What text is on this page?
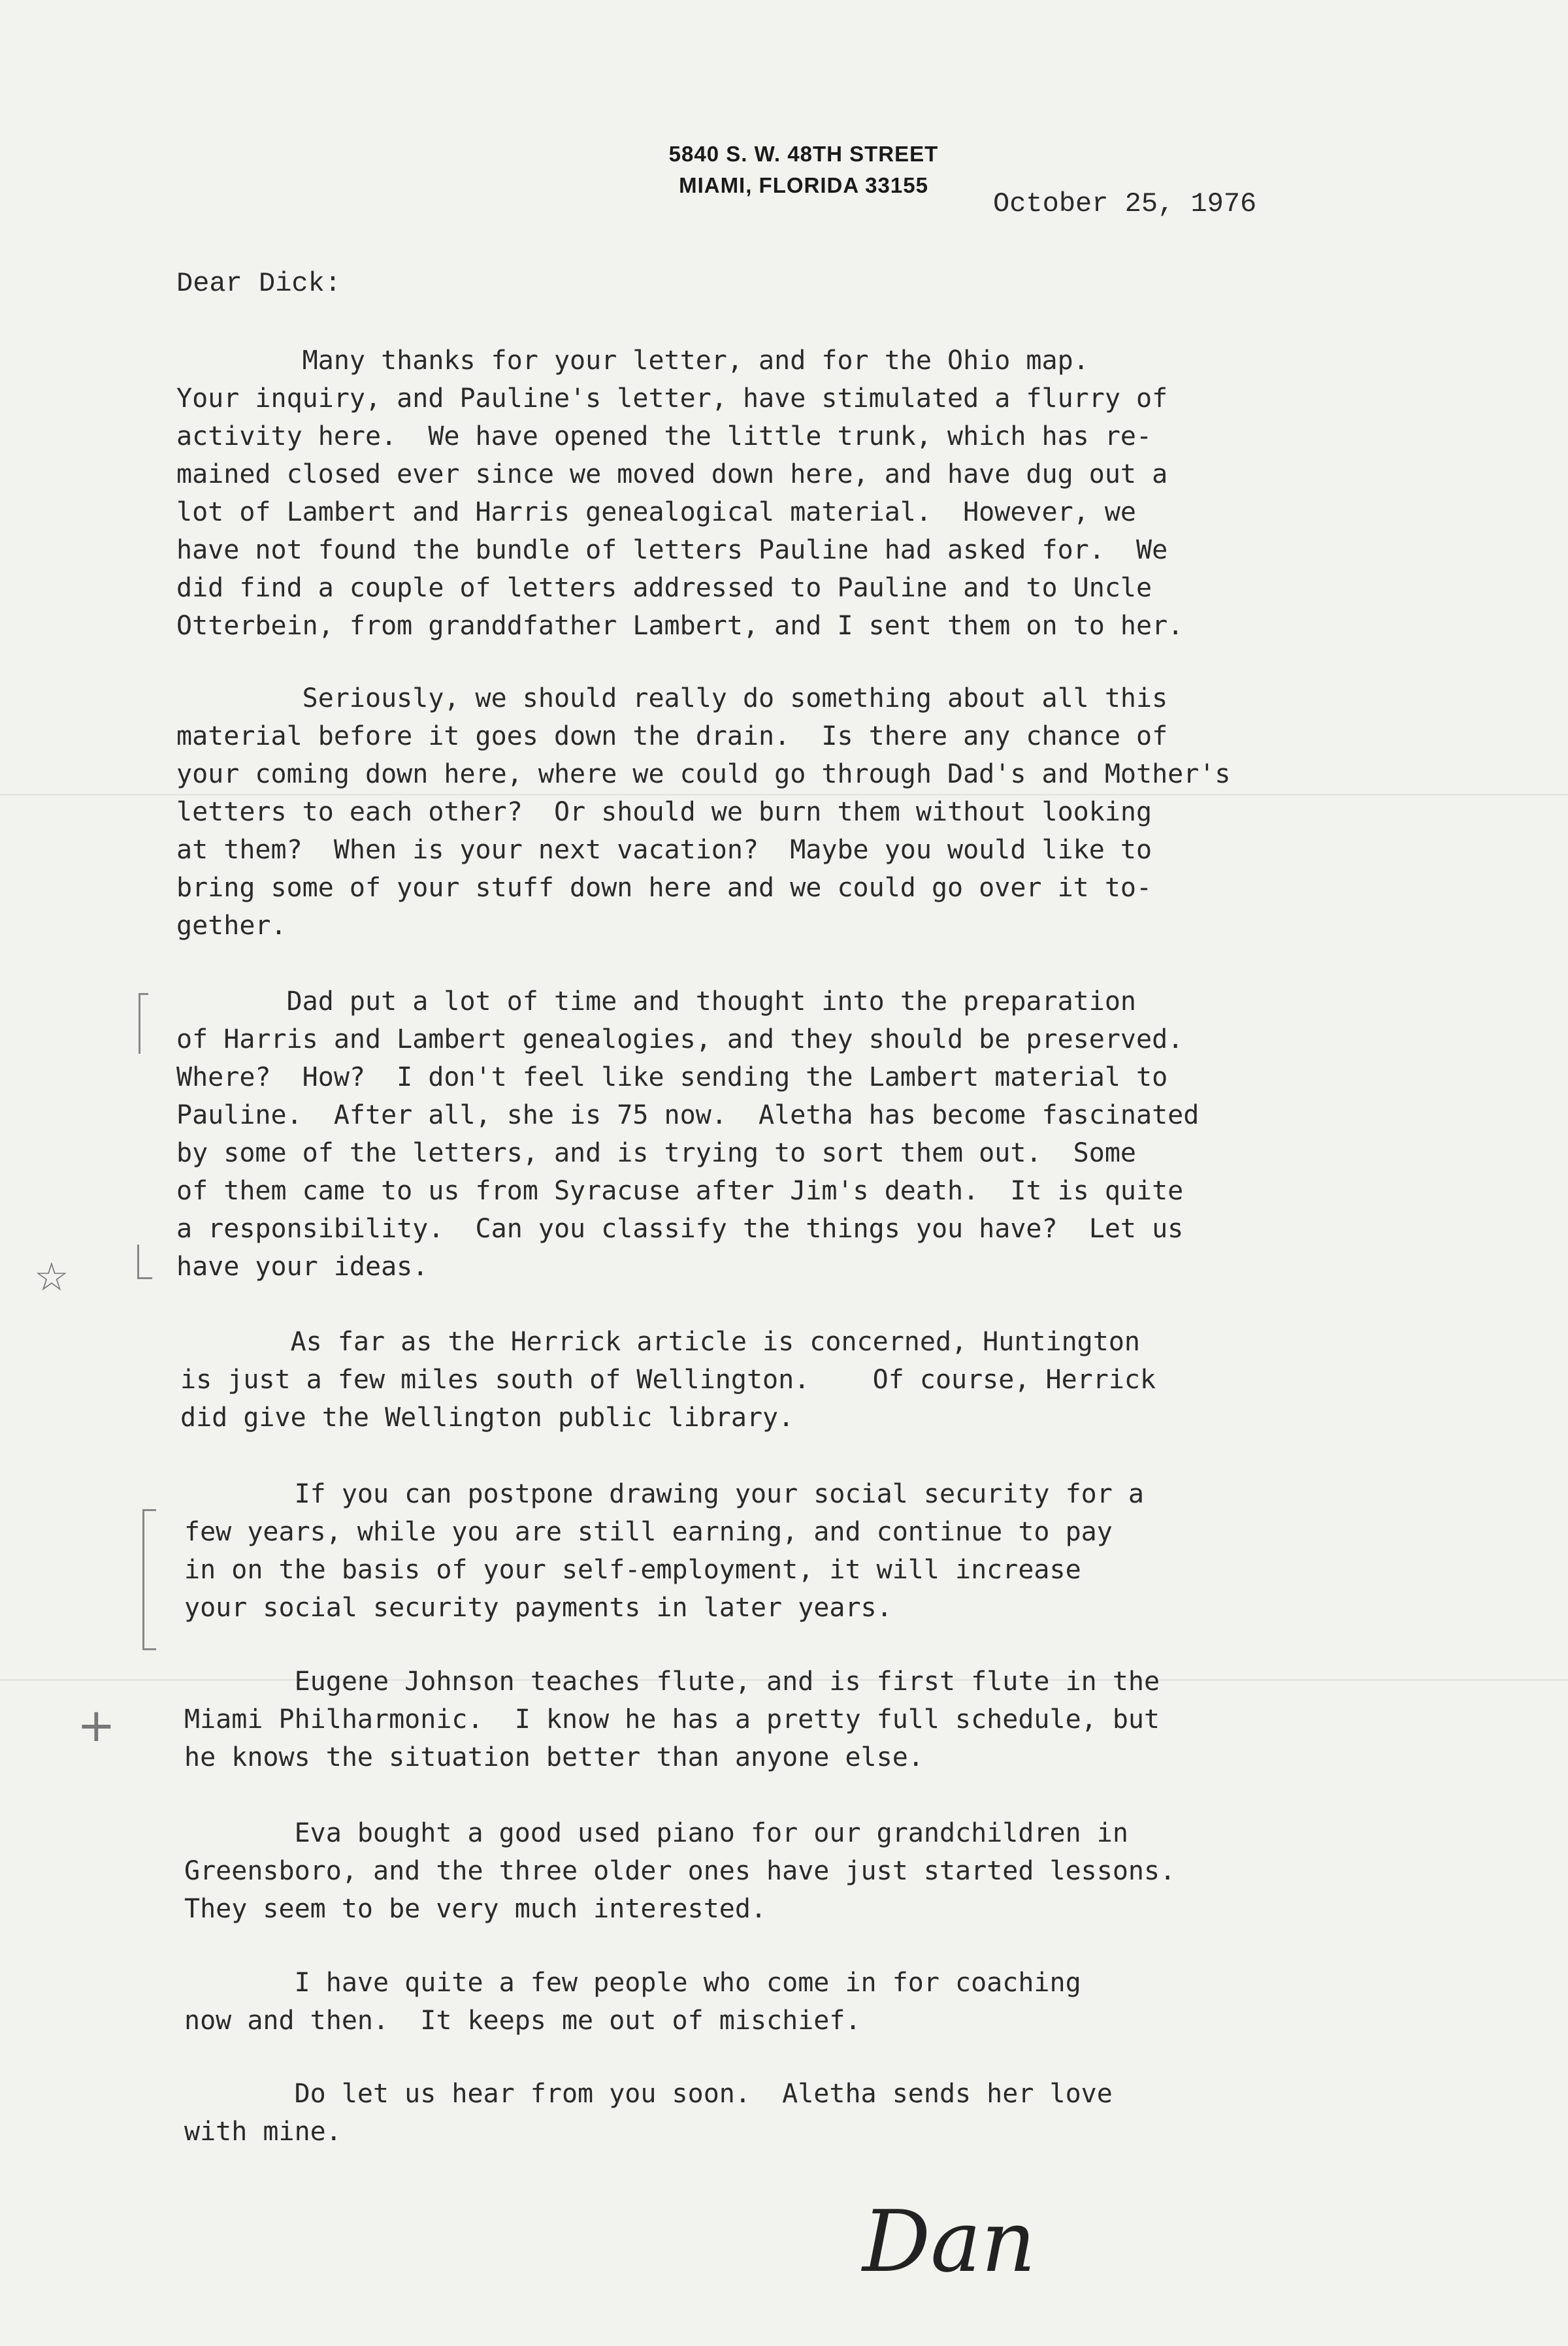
5840 S. W. 48TH STREET
MIAMI, FLORIDA 33155
October 25, 1976
Dear Dick:
Many thanks for your letter, and for the Ohio map.
Your inquiry, and Pauline's letter, have stimulated a flurry of
activity here.  We have opened the little trunk, which has re-
mained closed ever since we moved down here, and have dug out a
lot of Lambert and Harris genealogical material.  However, we
have not found the bundle of letters Pauline had asked for.  We
did find a couple of letters addressed to Pauline and to Uncle
Otterbein, from granddfather Lambert, and I sent them on to her.
Seriously, we should really do something about all this
material before it goes down the drain.  Is there any chance of
your coming down here, where we could go through Dad's and Mother's
letters to each other?  Or should we burn them without looking
at them?  When is your next vacation?  Maybe you would like to
bring some of your stuff down here and we could go over it to-
gether.
Dad put a lot of time and thought into the preparation
of Harris and Lambert genealogies, and they should be preserved.
Where?  How?  I don't feel like sending the Lambert material to
Pauline.  After all, she is 75 now.  Aletha has become fascinated
by some of the letters, and is trying to sort them out.  Some
of them came to us from Syracuse after Jim's death.  It is quite
a responsibility.  Can you classify the things you have?  Let us
have your ideas.
As far as the Herrick article is concerned, Huntington
is just a few miles south of Wellington.    Of course, Herrick
did give the Wellington public library.
If you can postpone drawing your social security for a
few years, while you are still earning, and continue to pay
in on the basis of your self-employment, it will increase
your social security payments in later years.
Eugene Johnson teaches flute, and is first flute in the
Miami Philharmonic.  I know he has a pretty full schedule, but
he knows the situation better than anyone else.
Eva bought a good used piano for our grandchildren in
Greensboro, and the three older ones have just started lessons.
They seem to be very much interested.
I have quite a few people who come in for coaching
now and then.  It keeps me out of mischief.
Do let us hear from you soon.  Aletha sends her love
with mine.
Dan
☆
+
